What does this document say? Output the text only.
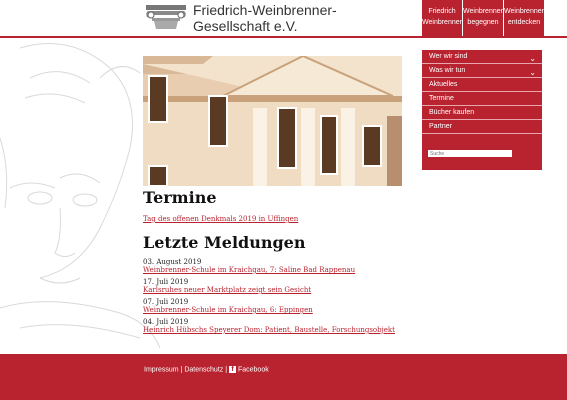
Friedrich-Weinbrenner-
Gesellschaft e.V.
Friedrich
Weinbrenner
Weinbrenner
begegnen
Weinbrenner
entdecken
Termine
Tag des offenen Denkmals 2019 in Uffingen
Letzte Meldungen
03. August 2019
Weinbrenner-Schule im Kraichgau, 7: Saline Bad Rappenau
17. Juli 2019
Karlsruhes neuer Marktplatz zeigt sein Gesicht
07. Juli 2019
Weinbrenner-Schule im Kraichgau, 6: Eppingen
04. Juli 2019
Heinrich Hübschs Speyerer Dom: Patient, Baustelle, Forschungsobjekt
Wer wir sind	⌄
Was wir tun	⌄
Aktuelles
Termine
Bücher kaufen
Partner
Suche
Impressum | Datenschutz | f Facebook
